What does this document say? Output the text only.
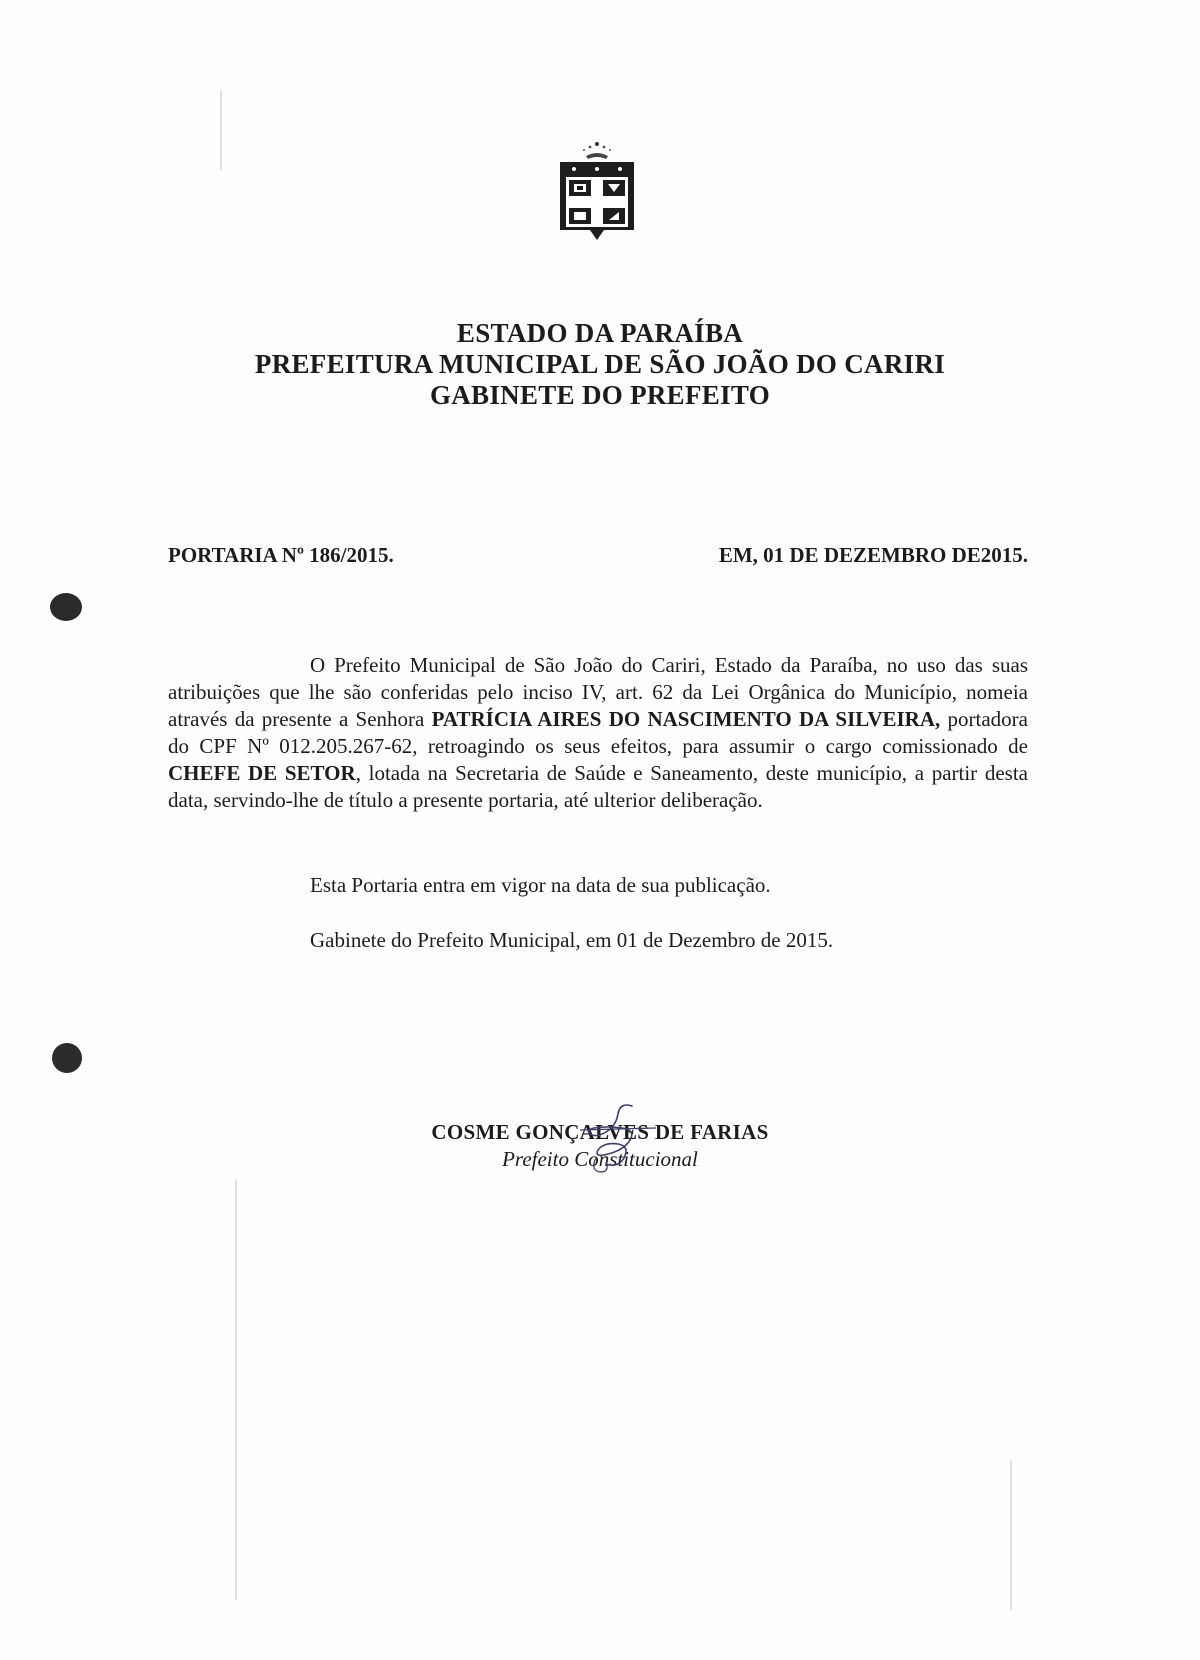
ESTADO DA PARAÍBA
PREFEITURA MUNICIPAL DE SÃO JOÃO DO CARIRI
GABINETE DO PREFEITO
PORTARIA Nº 186/2015.	EM, 01 DE DEZEMBRO DE2015.
O Prefeito Municipal de São João do Cariri, Estado da Paraíba, no uso das suas atribuições que lhe são conferidas pelo inciso IV, art. 62 da Lei Orgânica do Município, nomeia através da presente a Senhora PATRÍCIA AIRES DO NASCIMENTO DA SILVEIRA, portadora do CPF Nº 012.205.267-62, retroagindo os seus efeitos, para assumir o cargo comissionado de CHEFE DE SETOR, lotada na Secretaria de Saúde e Saneamento, deste município, a partir desta data, servindo-lhe de título a presente portaria, até ulterior deliberação.
Esta Portaria entra em vigor na data de sua publicação.
Gabinete do Prefeito Municipal, em 01 de Dezembro de 2015.
COSME GONÇALVES DE FARIAS
Prefeito Constitucional
